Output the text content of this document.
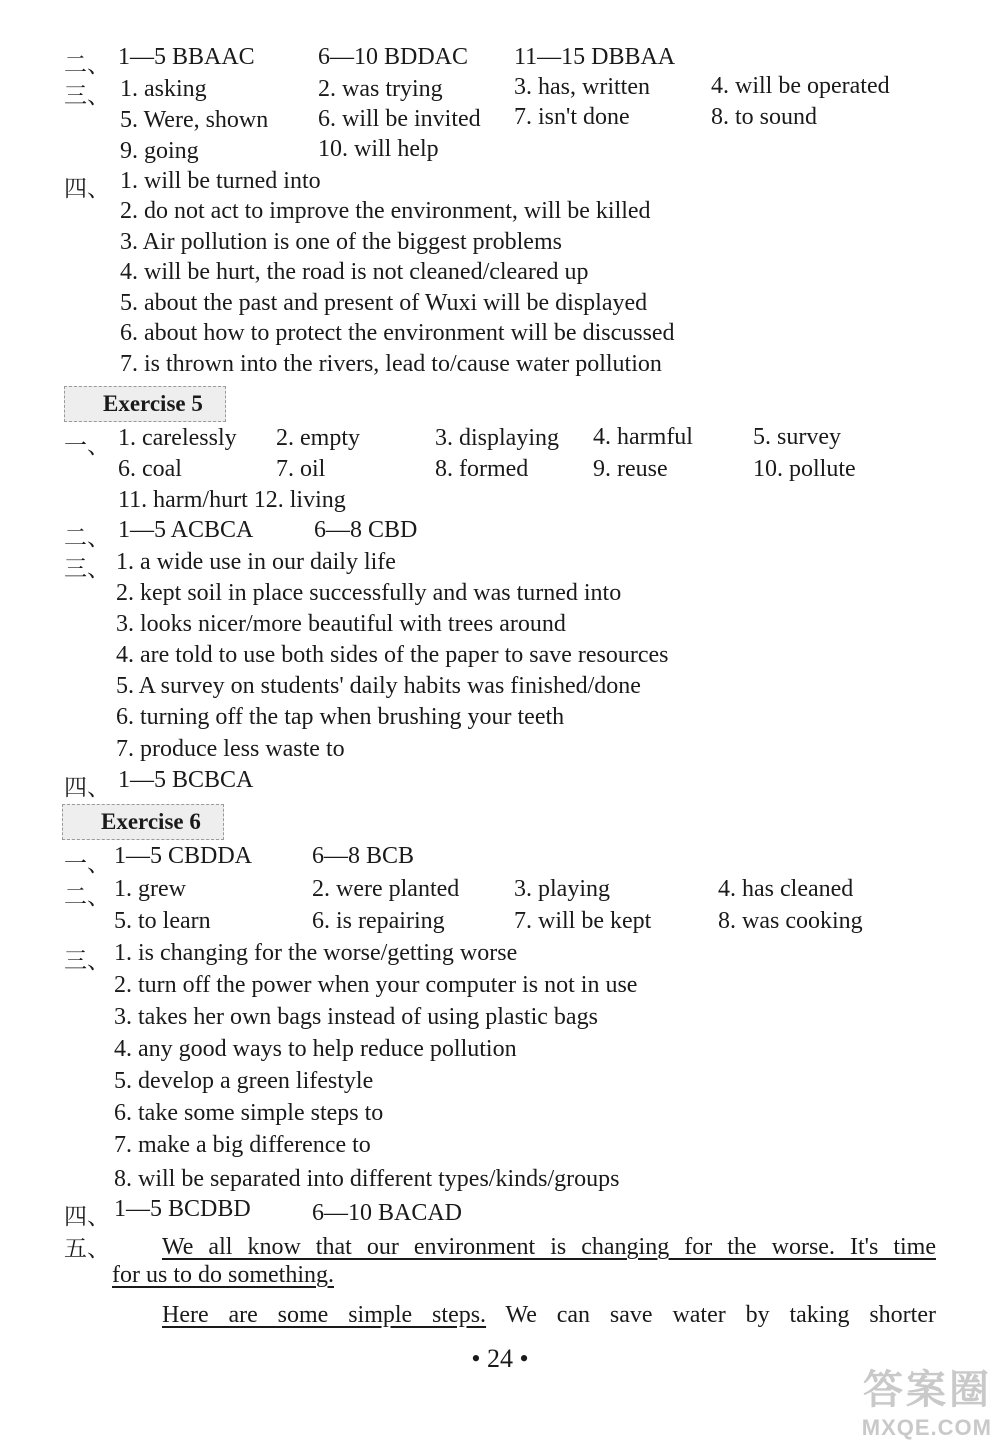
二、 1—5 BBAAC	6—10 BDDAC 11—15 DBBAA
三、 1. asking	2. was trying	3. has, written	4. will be operated
5. Were, shown 6. will be invited 7. isn't done	8. to sound
9. going	10. will help
四、 1. will be turned into
2. do not act to improve the environment, will be killed
3. Air pollution is one of the biggest problems
4. will be hurt, the road is not cleaned/cleared up
5. about the past and present of Wuxi will be displayed
6. about how to protect the environment will be discussed
7. is thrown into the rivers, lead to/cause water pollution
Exercise 5
一、 1. carelessly 2. empty	3. displaying 4. harmful	5. survey
6. coal	7. oil	8. formed	9. reuse	10. pollute
11. harm/hurt 12. living
二、 1—5 ACBCA	6—8 CBD
三、 1. a wide use in our daily life
2. kept soil in place successfully and was turned into
3. looks nicer/more beautiful with trees around
4. are told to use both sides of the paper to save resources
5. A survey on students' daily habits was finished/done
6. turning off the tap when brushing your teeth
7. produce less waste to
四、 1—5 BCBCA
Exercise 6
一、 1—5 CBDDA 6—8 BCB
二、 1. grew	2. were planted 3. playing	4. has cleaned
5. to learn	6. is repairing	7. will be kept	8. was cooking
三、 1. is changing for the worse/getting worse
2. turn off the power when your computer is not in use
3. takes her own bags instead of using plastic bags
4. any good ways to help reduce pollution
5. develop a green lifestyle
6. take some simple steps to
7. make a big difference to
8. will be separated into different types/kinds/groups
四、 1—5 BCDBD	6—10 BACAD
五、	We all know that our environment is changing for the worse. It's time
for us to do something.
Here are some simple steps. We can save water by taking shorter
• 24 •
答案圈
MXQE.COM
